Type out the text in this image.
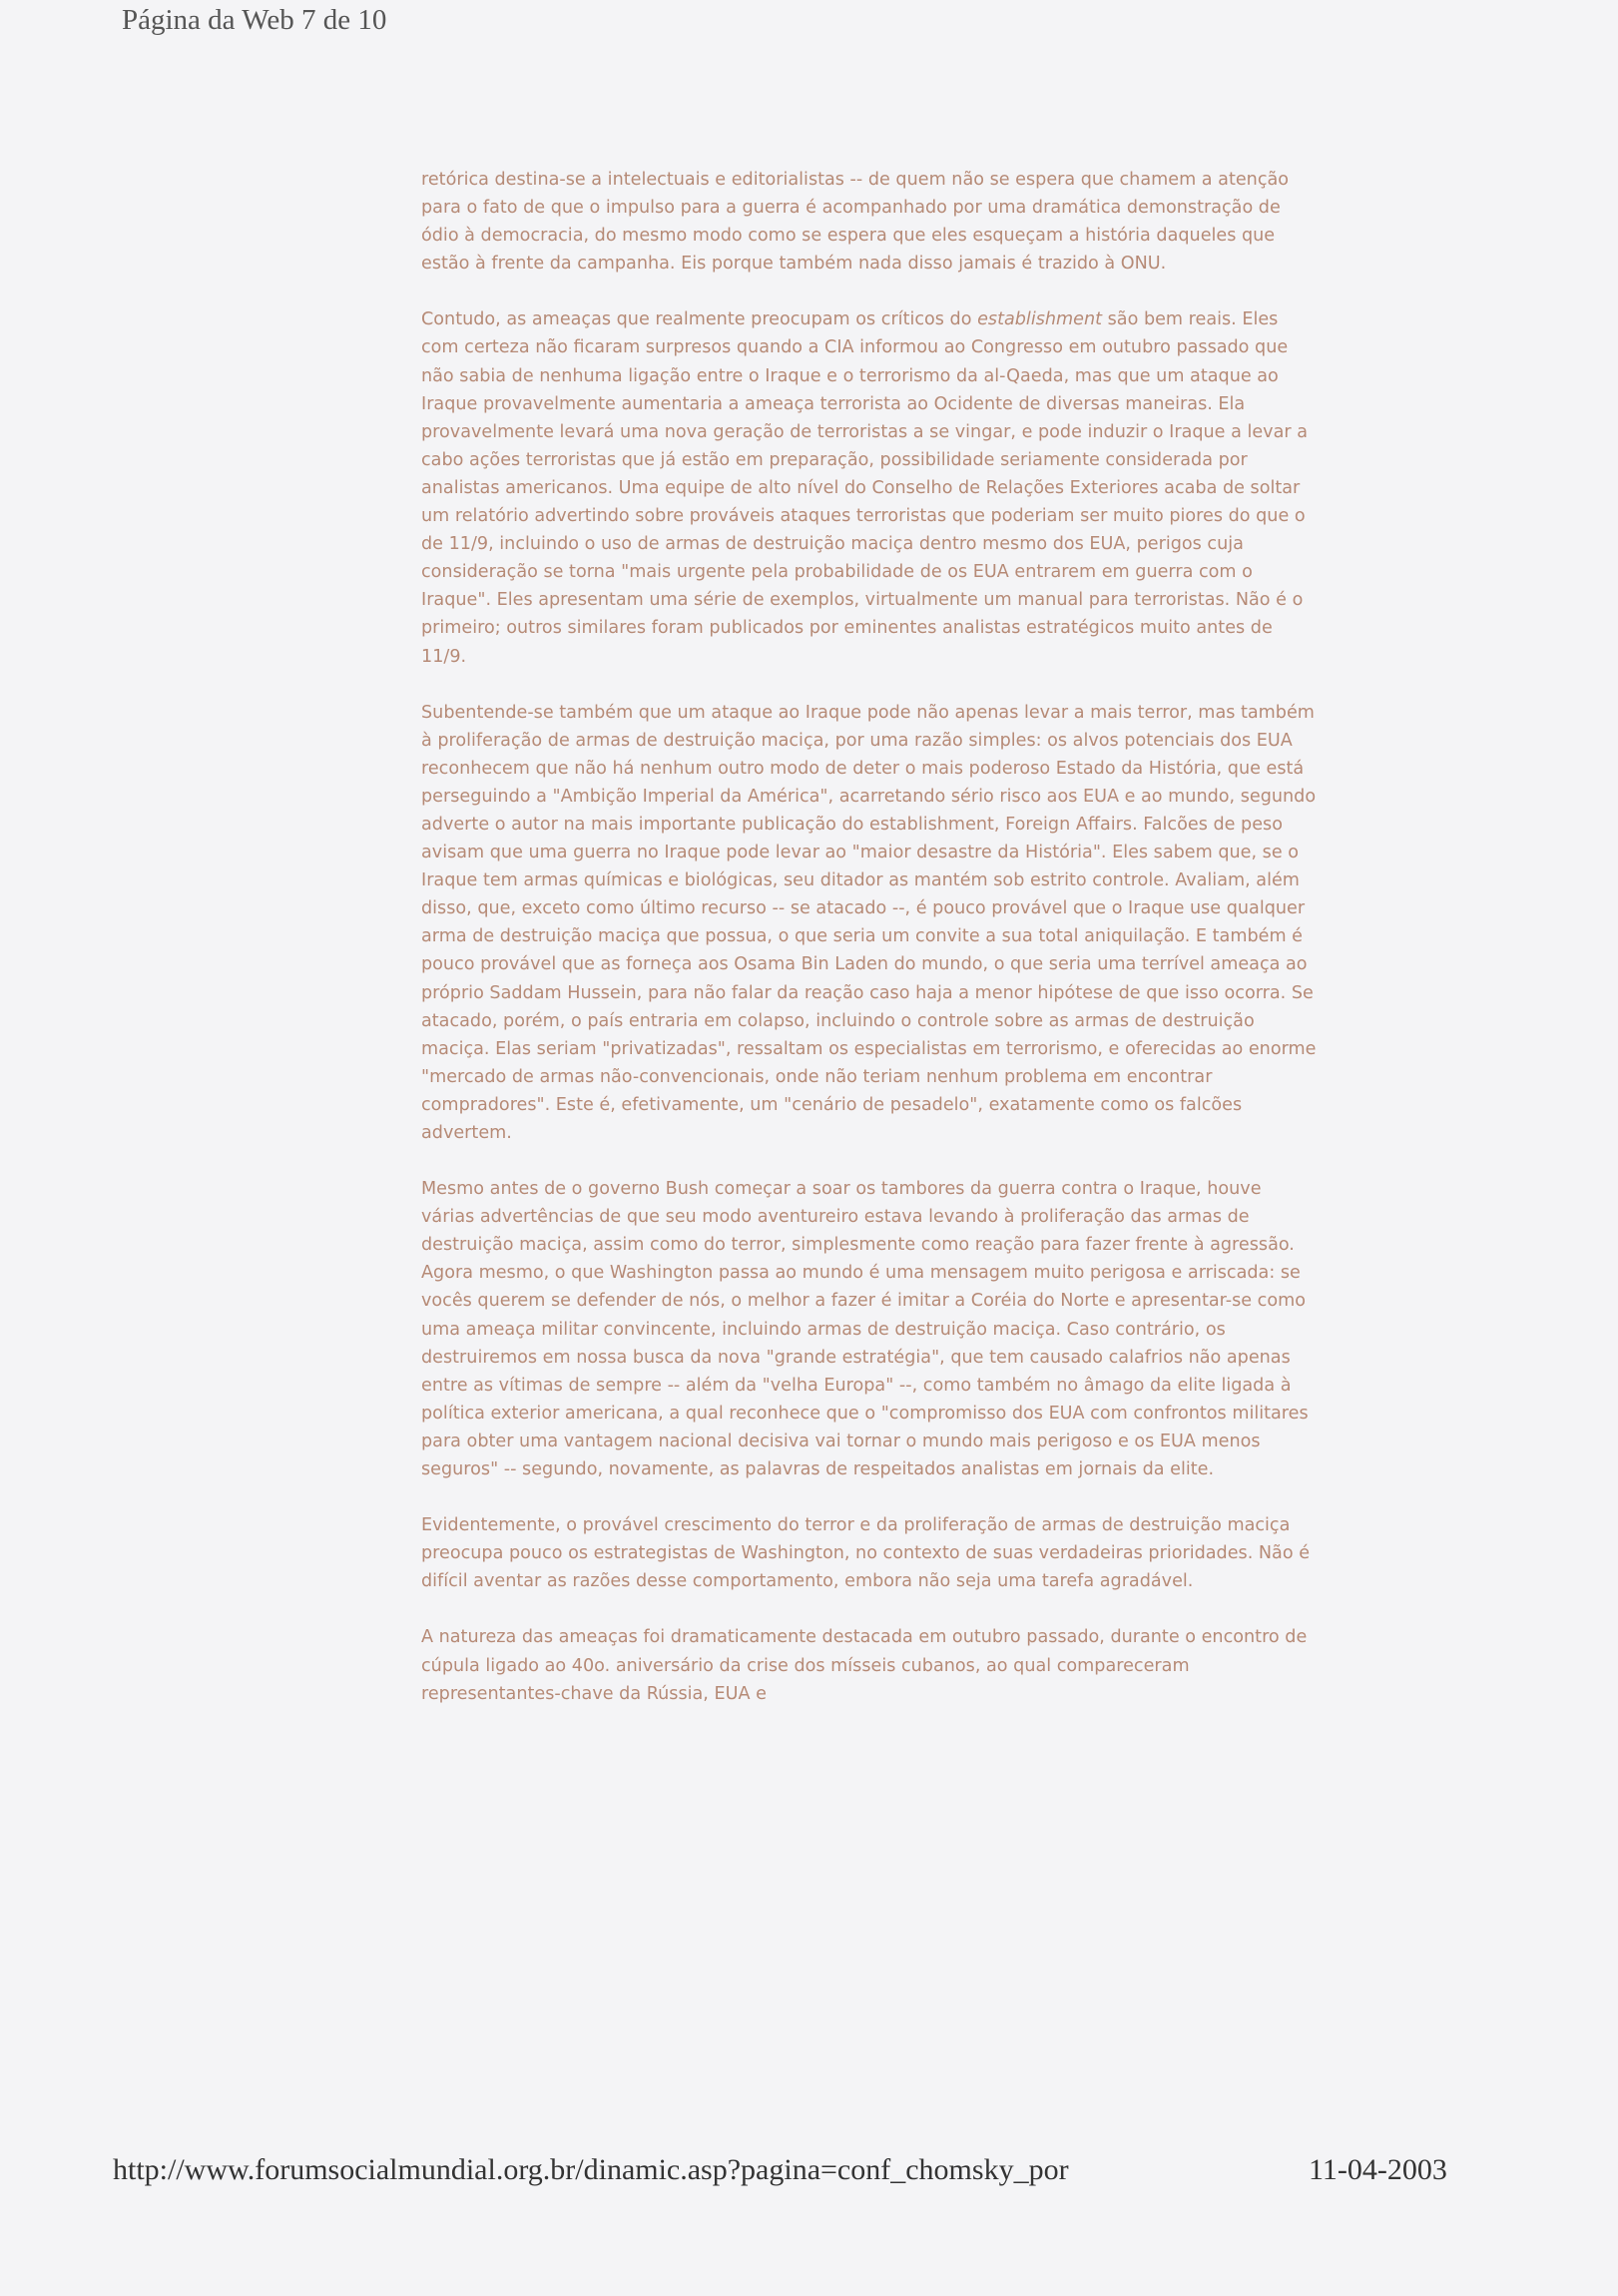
Página da Web 7 de 10

retórica destina-se a intelectuais e editorialistas -- de quem não se espera que chamem a atenção para o fato de que o impulso para a guerra é acompanhado por uma dramática demonstração de ódio à democracia, do mesmo modo como se espera que eles esqueçam a história daqueles que estão à frente da campanha. Eis porque também nada disso jamais é trazido à ONU.

Contudo, as ameaças que realmente preocupam os críticos do establishment são bem reais. Eles com certeza não ficaram surpresos quando a CIA informou ao Congresso em outubro passado que não sabia de nenhuma ligação entre o Iraque e o terrorismo da al-Qaeda, mas que um ataque ao Iraque provavelmente aumentaria a ameaça terrorista ao Ocidente de diversas maneiras. Ela provavelmente levará uma nova geração de terroristas a se vingar, e pode induzir o Iraque a levar a cabo ações terroristas que já estão em preparação, possibilidade seriamente considerada por analistas americanos. Uma equipe de alto nível do Conselho de Relações Exteriores acaba de soltar um relatório advertindo sobre prováveis ataques terroristas que poderiam ser muito piores do que o de 11/9, incluindo o uso de armas de destruição maciça dentro mesmo dos EUA, perigos cuja consideração se torna "mais urgente pela probabilidade de os EUA entrarem em guerra com o Iraque". Eles apresentam uma série de exemplos, virtualmente um manual para terroristas. Não é o primeiro; outros similares foram publicados por eminentes analistas estratégicos muito antes de 11/9.

Subentende-se também que um ataque ao Iraque pode não apenas levar a mais terror, mas também à proliferação de armas de destruição maciça, por uma razão simples: os alvos potenciais dos EUA reconhecem que não há nenhum outro modo de deter o mais poderoso Estado da História, que está perseguindo a "Ambição Imperial da América", acarretando sério risco aos EUA e ao mundo, segundo adverte o autor na mais importante publicação do establishment, Foreign Affairs. Falcões de peso avisam que uma guerra no Iraque pode levar ao "maior desastre da História". Eles sabem que, se o Iraque tem armas químicas e biológicas, seu ditador as mantém sob estrito controle. Avaliam, além disso, que, exceto como último recurso -- se atacado --, é pouco provável que o Iraque use qualquer arma de destruição maciça que possua, o que seria um convite a sua total aniquilação. E também é pouco provável que as forneça aos Osama Bin Laden do mundo, o que seria uma terrível ameaça ao próprio Saddam Hussein, para não falar da reação caso haja a menor hipótese de que isso ocorra. Se atacado, porém, o país entraria em colapso, incluindo o controle sobre as armas de destruição maciça. Elas seriam "privatizadas", ressaltam os especialistas em terrorismo, e oferecidas ao enorme "mercado de armas não-convencionais, onde não teriam nenhum problema em encontrar compradores". Este é, efetivamente, um "cenário de pesadelo", exatamente como os falcões advertem.

Mesmo antes de o governo Bush começar a soar os tambores da guerra contra o Iraque, houve várias advertências de que seu modo aventureiro estava levando à proliferação das armas de destruição maciça, assim como do terror, simplesmente como reação para fazer frente à agressão. Agora mesmo, o que Washington passa ao mundo é uma mensagem muito perigosa e arriscada: se vocês querem se defender de nós, o melhor a fazer é imitar a Coréia do Norte e apresentar-se como uma ameaça militar convincente, incluindo armas de destruição maciça. Caso contrário, os destruiremos em nossa busca da nova "grande estratégia", que tem causado calafrios não apenas entre as vítimas de sempre -- além da "velha Europa" --, como também no âmago da elite ligada à política exterior americana, a qual reconhece que o "compromisso dos EUA com confrontos militares para obter uma vantagem nacional decisiva vai tornar o mundo mais perigoso e os EUA menos seguros" -- segundo, novamente, as palavras de respeitados analistas em jornais da elite.

Evidentemente, o provável crescimento do terror e da proliferação de armas de destruição maciça preocupa pouco os estrategistas de Washington, no contexto de suas verdadeiras prioridades. Não é difícil aventar as razões desse comportamento, embora não seja uma tarefa agradável.

A natureza das ameaças foi dramaticamente destacada em outubro passado, durante o encontro de cúpula ligado ao 40o. aniversário da crise dos mísseis cubanos, ao qual compareceram representantes-chave da Rússia, EUA e

http://www.forumsocialmundial.org.br/dinamic.asp?pagina=conf_chomsky_por	11-04-2003
